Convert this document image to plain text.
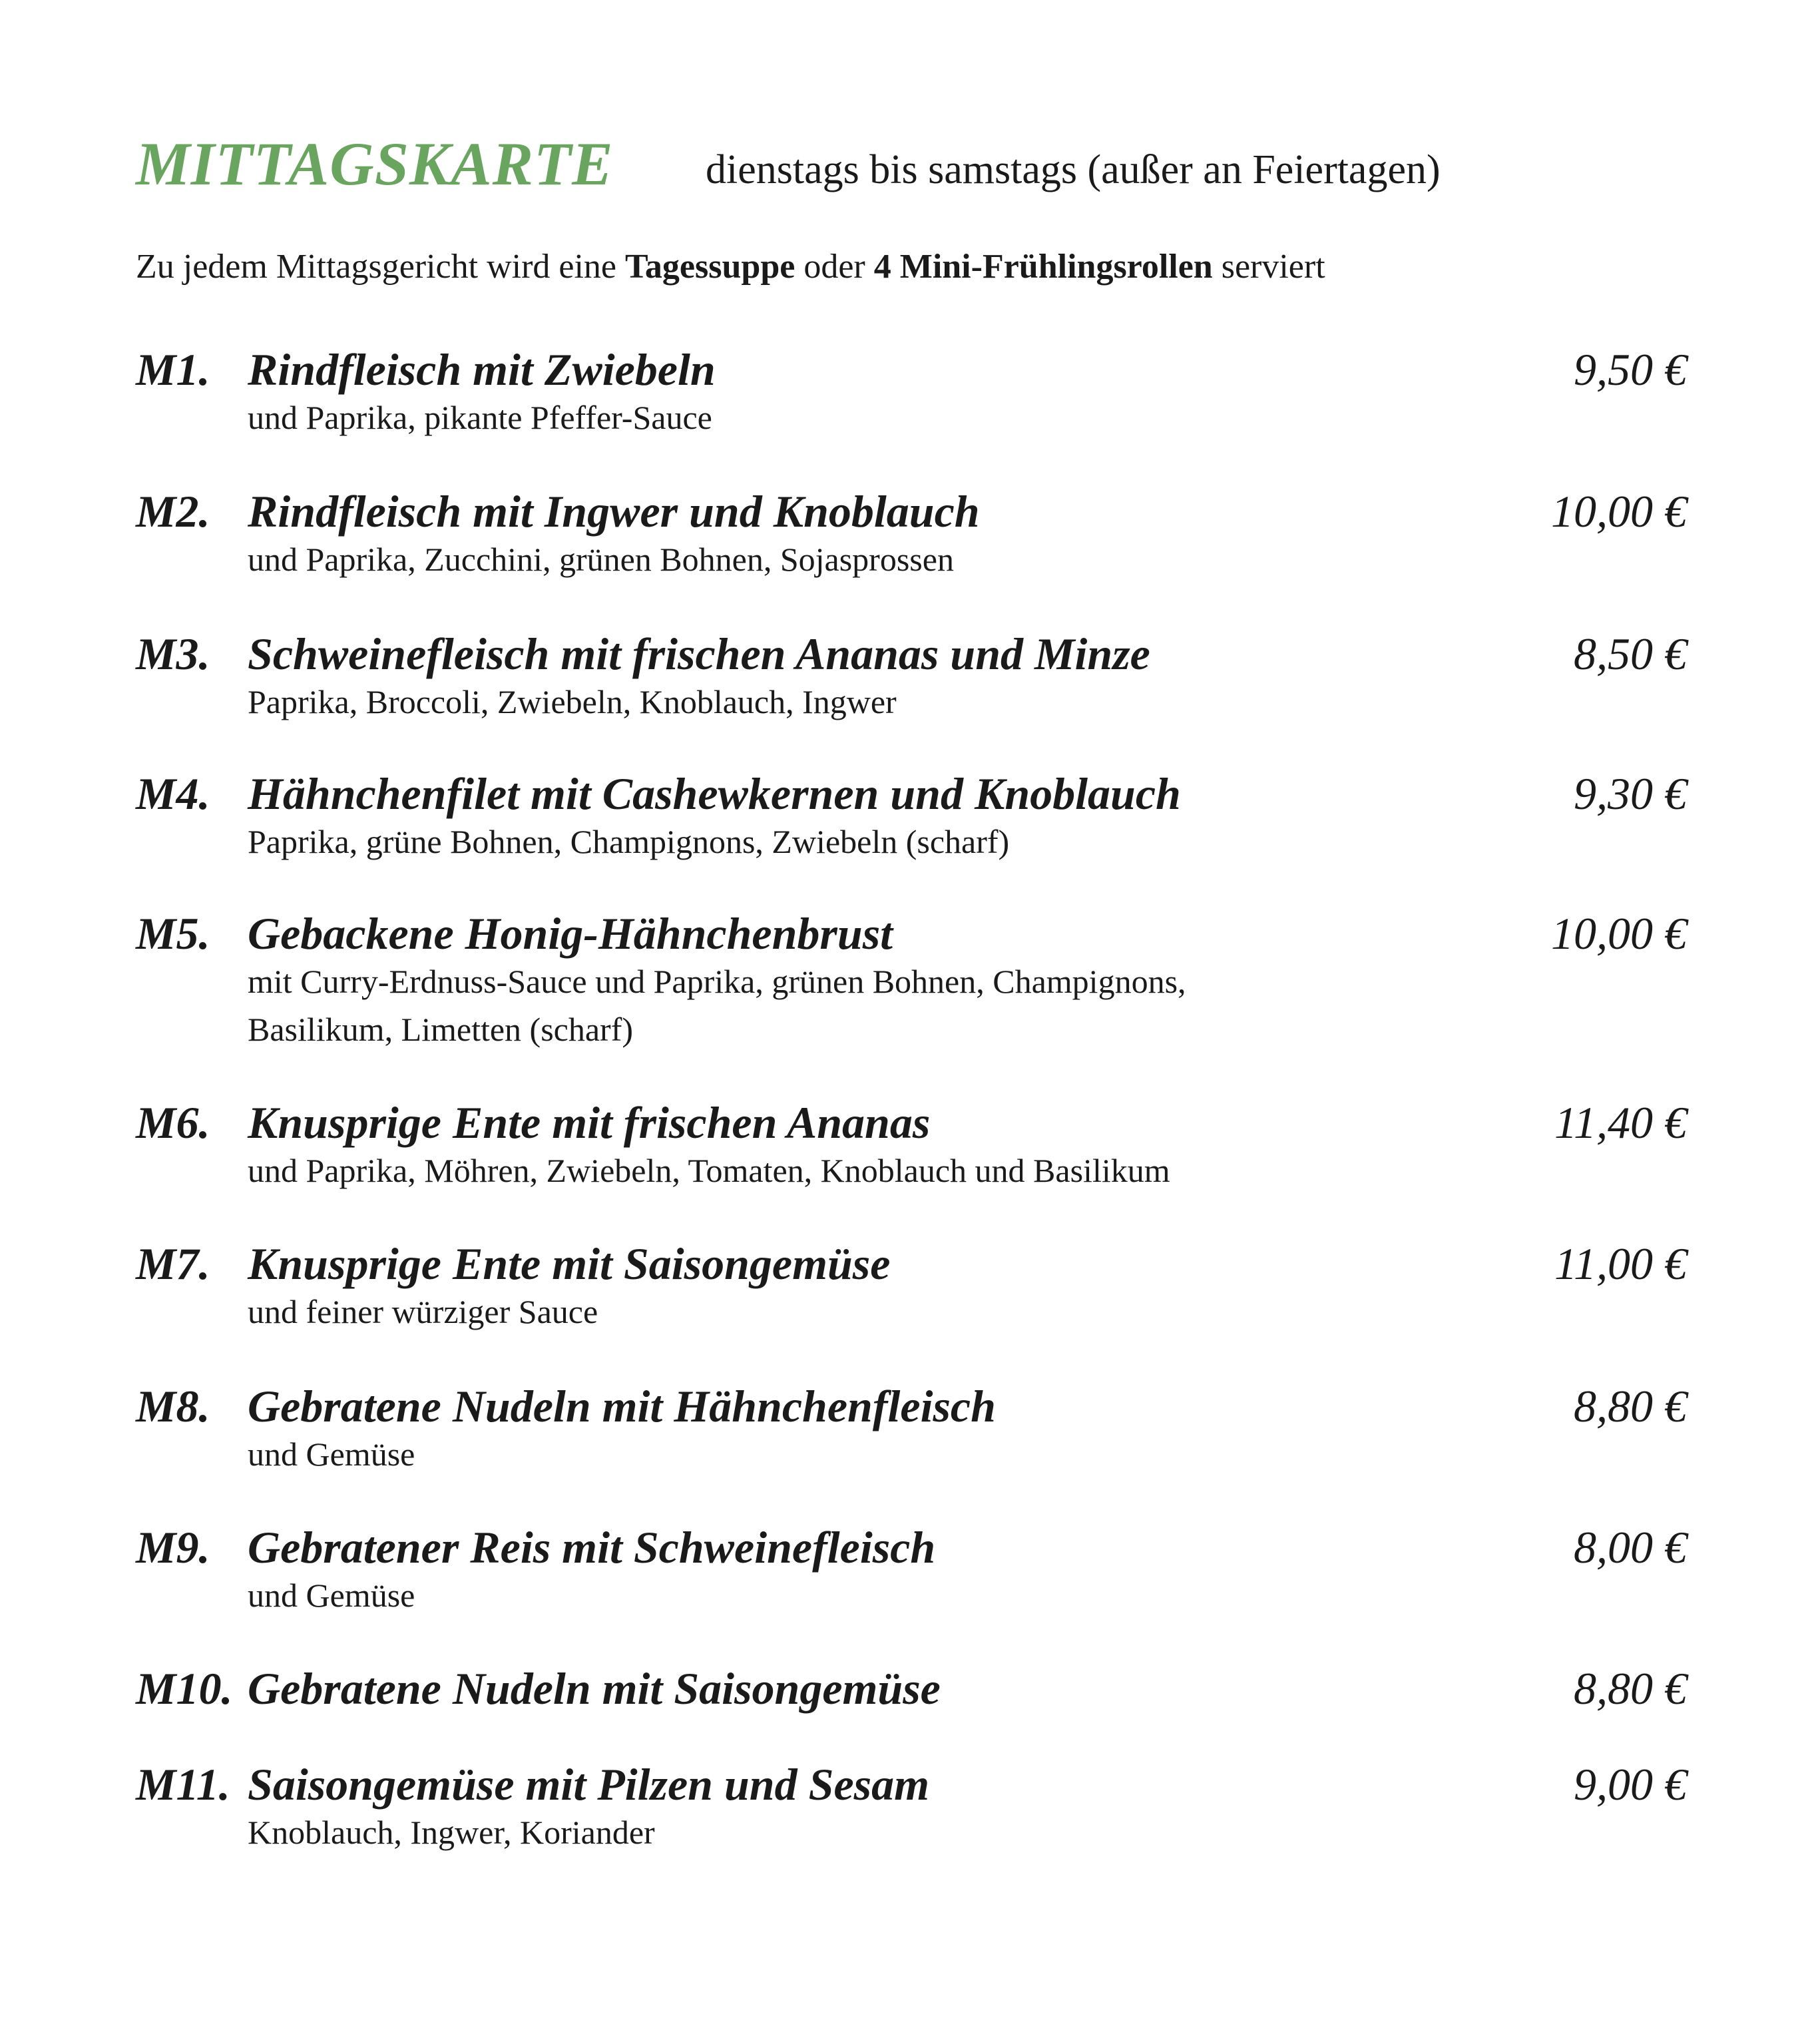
MITTAGSKARTE dienstags bis samstags (außer an Feiertagen)
Zu jedem Mittagsgericht wird eine Tagessuppe oder 4 Mini-Frühlingsrollen serviert
M1. Rindfleisch mit Zwiebeln	9,50 €
und Paprika, pikante Pfeffer-Sauce
M2. Rindfleisch mit Ingwer und Knoblauch	10,00 €
und Paprika, Zucchini, grünen Bohnen, Sojasprossen
M3. Schweinefleisch mit frischen Ananas und Minze	8,50 €
Paprika, Broccoli, Zwiebeln, Knoblauch, Ingwer
M4. Hähnchenfilet mit Cashewkernen und Knoblauch	9,30 €
Paprika, grüne Bohnen, Champignons, Zwiebeln (scharf)
M5. Gebackene Honig-Hähnchenbrust	10,00 €
mit Curry-Erdnuss-Sauce und Paprika, grünen Bohnen, Champignons,
Basilikum, Limetten (scharf)
M6. Knusprige Ente mit frischen Ananas	11,40 €
und Paprika, Möhren, Zwiebeln, Tomaten, Knoblauch und Basilikum
M7. Knusprige Ente mit Saisongemüse	11,00 €
und feiner würziger Sauce
M8. Gebratene Nudeln mit Hähnchenfleisch	8,80 €
und Gemüse
M9. Gebratener Reis mit Schweinefleisch	8,00 €
und Gemüse
M10. Gebratene Nudeln mit Saisongemüse	8,80 €
M11. Saisongemüse mit Pilzen und Sesam	9,00 €
Knoblauch, Ingwer, Koriander
